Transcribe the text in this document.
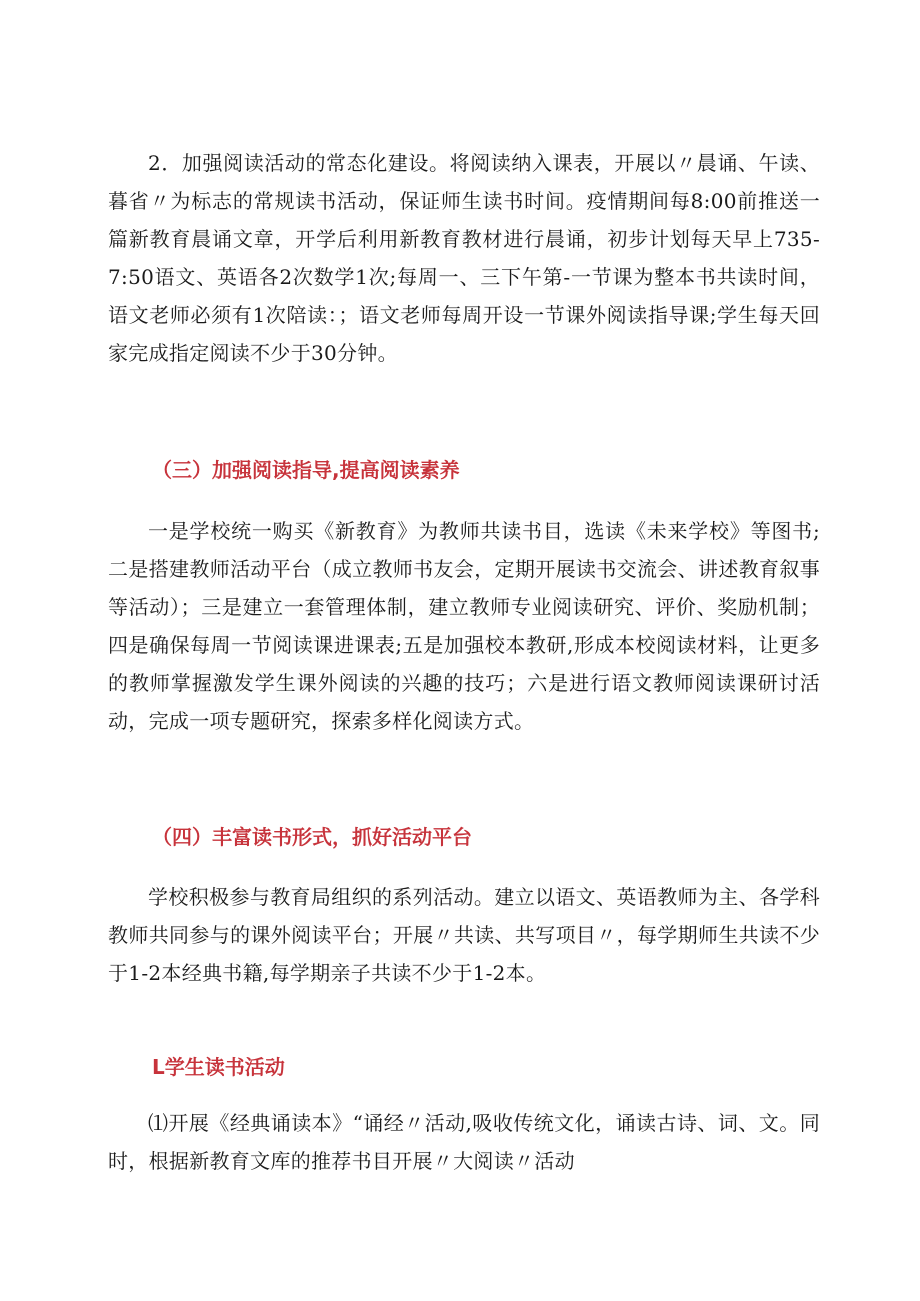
2．加强阅读活动的常态化建设。将阅读纳入课表，开展以〃晨诵、午读、暮省〃为标志的常规读书活动，保证师生读书时间。疫情期间每8:00前推送一篇新教育晨诵文章，开学后利用新教育教材进行晨诵，初步计划每天早上735-7:50语文、英语各2次数学1次;每周一、三下午第-一节课为整本书共读时间，语文老师必须有1次陪读：；语文老师每周开设一节课外阅读指导课;学生每天回家完成指定阅读不少于30分钟。

（三）加强阅读指导,提高阅读素养

一是学校统一购买《新教育》为教师共读书目，选读《未来学校》等图书;二是搭建教师活动平台（成立教师书友会，定期开展读书交流会、讲述教育叙事等活动）；三是建立一套管理体制，建立教师专业阅读研究、评价、奖励机制；四是确保每周一节阅读课进课表;五是加强校本教研,形成本校阅读材料，让更多的教师掌握激发学生课外阅读的兴趣的技巧；六是进行语文教师阅读课研讨活动，完成一项专题研究，探索多样化阅读方式。

（四）丰富读书形式，抓好活动平台

学校积极参与教育局组织的系列活动。建立以语文、英语教师为主、各学科教师共同参与的课外阅读平台；开展〃共读、共写项目〃，每学期师生共读不少于1-2本经典书籍,每学期亲子共读不少于1-2本。

L学生读书活动

⑴开展《经典诵读本》“诵经〃活动,吸收传统文化，诵读古诗、词、文。同时，根据新教育文库的推荐书目开展〃大阅读〃活动
